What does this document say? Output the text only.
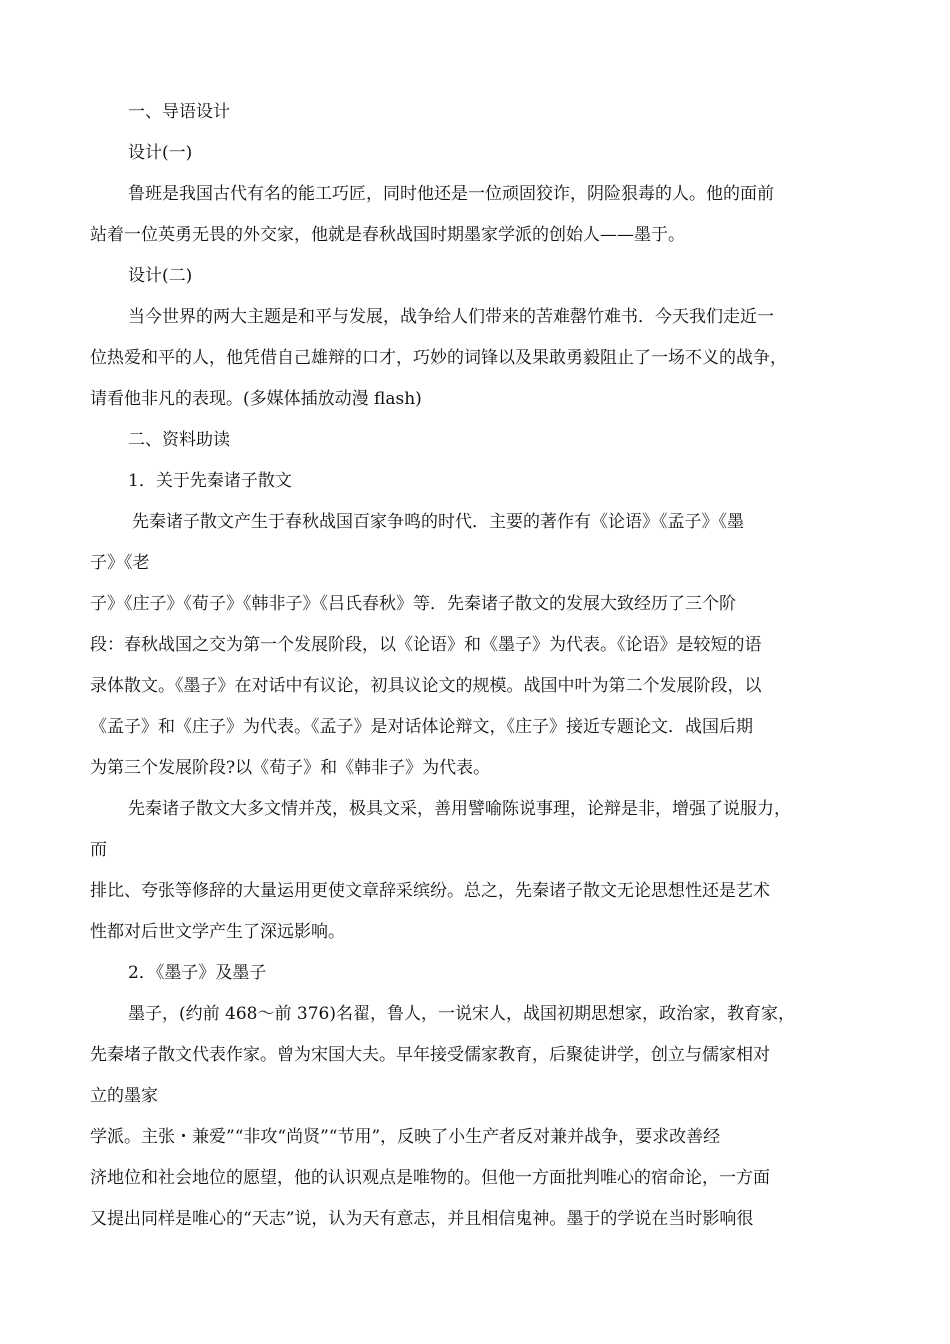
一、导语设计
设计(一)
鲁班是我国古代有名的能工巧匠，同时他还是一位顽固狡诈，阴险狠毒的人。他的面前
站着一位英勇无畏的外交家，他就是春秋战国时期墨家学派的创始人——墨于。
设计(二)
当今世界的两大主题是和平与发展，战争给人们带来的苦难罄竹难书．今天我们走近一
位热爱和平的人，他凭借自己雄辩的口才，巧妙的词锋以及果敢勇毅阻止了一场不义的战争，
请看他非凡的表现。(多媒体插放动漫 flash)
二、资料助读
1．关于先秦诸子散文
先秦诸子散文产生于春秋战国百家争鸣的时代．主要的著作有《论语》《孟子》《墨
子》《老
子》《庄子》《荀子》《韩非子》《吕氏春秋》等．先秦诸子散文的发展大致经历了三个阶
段：春秋战国之交为第一个发展阶段，以《论语》和《墨子》为代表。《论语》是较短的语
录体散文。《墨子》在对话中有议论，初具议论文的规模。战国中叶为第二个发展阶段，以
《孟子》和《庄子》为代表。《孟子》是对话体论辩文，《庄子》接近专题论文．战国后期
为第三个发展阶段?以《荀子》和《韩非子》为代表。
先秦诸子散文大多文情并茂，极具文采，善用譬喻陈说事理，论辩是非，增强了说服力，
而
排比、夸张等修辞的大量运用更使文章辞采缤纷。总之，先秦诸子散文无论思想性还是艺术
性都对后世文学产生了深远影响。
2．《墨子》及墨子
墨子，(约前 468～前 376)名翟，鲁人，一说宋人，战国初期思想家，政治家，教育家，
先秦堵子散文代表作家。曾为宋国大夫。早年接受儒家教育，后聚徒讲学，创立与儒家相对
立的墨家
学派。主张・兼爱”“非攻“尚贤”“节用”，反映了小生产者反对兼并战争，要求改善经
济地位和社会地位的愿望，他的认识观点是唯物的。但他一方面批判唯心的宿命论，一方面
又提出同样是唯心的“天志”说，认为天有意志，并且相信鬼神。墨于的学说在当时影响很
